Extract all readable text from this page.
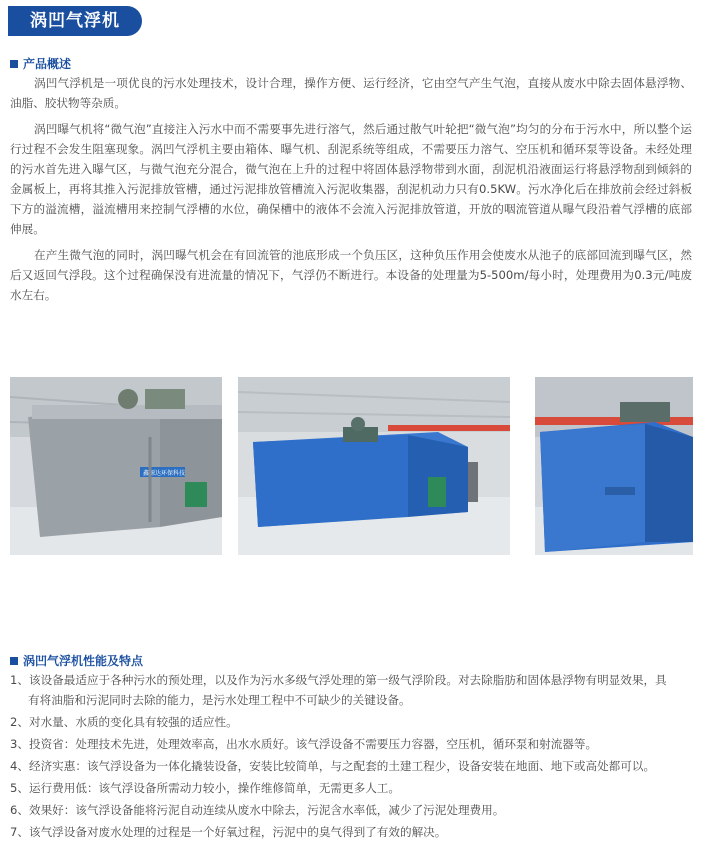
涡凹气浮机
产品概述

涡凹气浮机是一项优良的污水处理技术，设计合理，操作方便、运行经济，它由空气产生气泡，直接从废水中除去固体悬浮物、油脂、胶状物等杂质。

涡凹曝气机将“微气泡”直接注入污水中而不需要事先进行溶气，然后通过散气叶轮把“微气泡”均匀的分布于污水中，所以整个运行过程不会发生阻塞现象。涡凹气浮机主要由箱体、曝气机、刮泥系统等组成，不需要压力溶气、空压机和循环泵等设备。未经处理的污水首先进入曝气区，与微气泡充分混合，微气泡在上升的过程中将固体悬浮物带到水面，刮泥机沿液面运行将悬浮物刮到倾斜的金属板上，再将其推入污泥排放管槽，通过污泥排放管槽流入污泥收集器，刮泥机动力只有0.5KW。污水净化后在排放前会经过斜板下方的溢流槽，溢流槽用来控制气浮槽的水位，确保槽中的液体不会流入污泥排放管道，开放的咽流管道从曝气段沿着气浮槽的底部伸展。

在产生微气泡的同时，涡凹曝气机会在有回流管的池底形成一个负压区，这种负压作用会使废水从池子的底部回流到曝气区，然后又返回气浮段。这个过程确保没有进流量的情况下，气浮仍不断进行。本设备的处理量为5-500m/每小时，处理费用为0.3元/吨废水左右。

鑫源达环保科技
涡凹气浮机性能及特点
1、该设备最适应于各种污水的预处理，以及作为污水多级气浮处理的第一级气浮阶段。对去除脂肪和固体悬浮物有明显效果，具
有将油脂和污泥同时去除的能力，是污水处理工程中不可缺少的关键设备。
2、对水量、水质的变化具有较强的适应性。
3、投资省：处理技术先进，处理效率高，出水水质好。该气浮设备不需要压力容器，空压机，循环泵和射流器等。
4、经济实惠：该气浮设备为一体化撬装设备，安装比较简单，与之配套的土建工程少，设备安装在地面、地下或高处都可以。
5、运行费用低：该气浮设备所需动力较小，操作维修简单，无需更多人工。
6、效果好：该气浮设备能将污泥自动连续从废水中除去，污泥含水率低，减少了污泥处理费用。
7、该气浮设备对废水处理的过程是一个好氧过程，污泥中的臭气得到了有效的解决。
